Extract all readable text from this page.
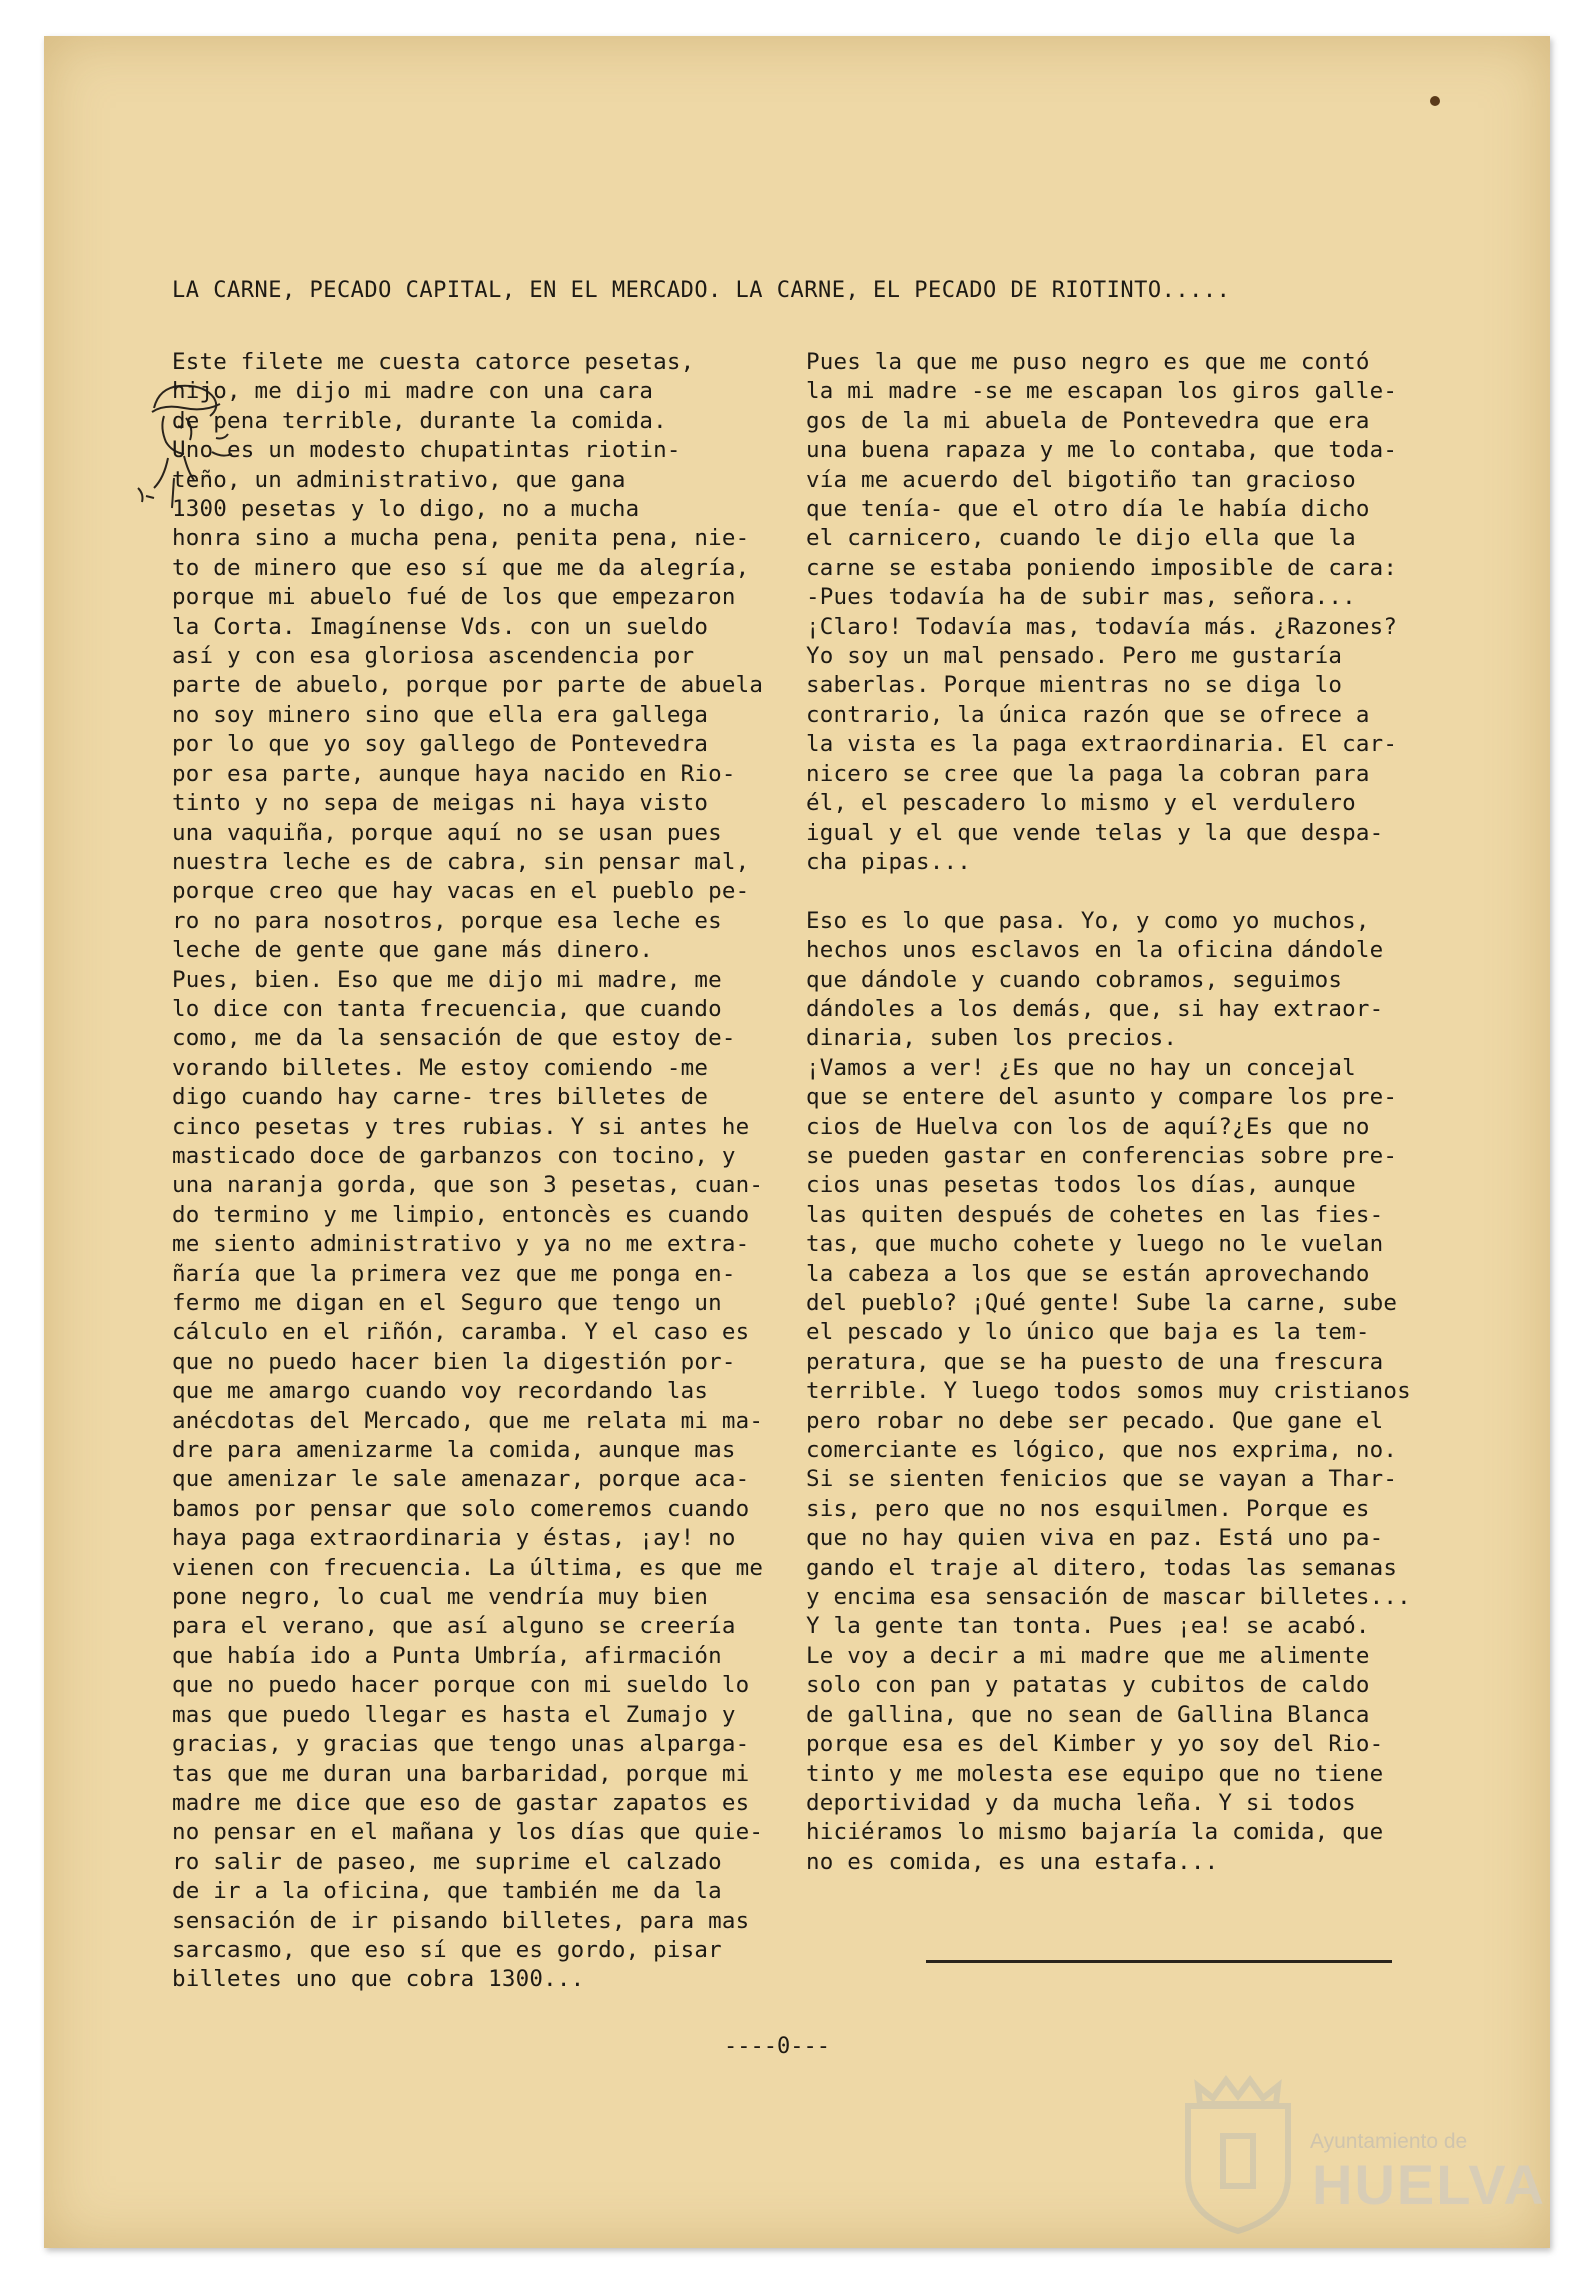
LA CARNE, PECADO CAPITAL, EN EL MERCADO. LA CARNE, EL PECADO DE RIOTINTO.....
Este filete me cuesta catorce pesetas,
hijo, me dijo mi madre con una cara
de pena terrible, durante la comida.
Uno es un modesto chupatintas riotin-
teño, un administrativo, que gana
1300 pesetas y lo digo, no a mucha
honra sino a mucha pena, penita pena, nie-
to de minero que eso sí que me da alegría,
porque mi abuelo fué de los que empezaron
la Corta. Imagínense Vds. con un sueldo
así y con esa gloriosa ascendencia por
parte de abuelo, porque por parte de abuela
no soy minero sino que ella era gallega
por lo que yo soy gallego de Pontevedra
por esa parte, aunque haya nacido en Rio-
tinto y no sepa de meigas ni haya visto
una vaquiña, porque aquí no se usan pues
nuestra leche es de cabra, sin pensar mal,
porque creo que hay vacas en el pueblo pe-
ro no para nosotros, porque esa leche es
leche de gente que gane más dinero.
Pues, bien. Eso que me dijo mi madre, me
lo dice con tanta frecuencia, que cuando
como, me da la sensación de que estoy de-
vorando billetes. Me estoy comiendo -me
digo cuando hay carne- tres billetes de
cinco pesetas y tres rubias. Y si antes he
masticado doce de garbanzos con tocino, y
una naranja gorda, que son 3 pesetas, cuan-
do termino y me limpio, entoncès es cuando
me siento administrativo y ya no me extra-
ñaría que la primera vez que me ponga en-
fermo me digan en el Seguro que tengo un
cálculo en el riñón, caramba. Y el caso es
que no puedo hacer bien la digestión por-
que me amargo cuando voy recordando las
anécdotas del Mercado, que me relata mi ma-
dre para amenizarme la comida, aunque mas
que amenizar le sale amenazar, porque aca-
bamos por pensar que solo comeremos cuando
haya paga extraordinaria y éstas, ¡ay! no
vienen con frecuencia. La última, es que me
pone negro, lo cual me vendría muy bien
para el verano, que así alguno se creería
que había ido a Punta Umbría, afirmación
que no puedo hacer porque con mi sueldo lo
mas que puedo llegar es hasta el Zumajo y
gracias, y gracias que tengo unas alparga-
tas que me duran una barbaridad, porque mi
madre me dice que eso de gastar zapatos es
no pensar en el mañana y los días que quie-
ro salir de paseo, me suprime el calzado
de ir a la oficina, que también me da la
sensación de ir pisando billetes, para mas
sarcasmo, que eso sí que es gordo, pisar
billetes uno que cobra 1300...
Pues la que me puso negro es que me contó
la mi madre -se me escapan los giros galle-
gos de la mi abuela de Pontevedra que era
una buena rapaza y me lo contaba, que toda-
vía me acuerdo del bigotiño tan gracioso
que tenía- que el otro día le había dicho
el carnicero, cuando le dijo ella que la
carne se estaba poniendo imposible de cara:
-Pues todavía ha de subir mas, señora...
¡Claro! Todavía mas, todavía más. ¿Razones?
Yo soy un mal pensado. Pero me gustaría
saberlas. Porque mientras no se diga lo
contrario, la única razón que se ofrece a
la vista es la paga extraordinaria. El car-
nicero se cree que la paga la cobran para
él, el pescadero lo mismo y el verdulero
igual y el que vende telas y la que despa-
cha pipas...

Eso es lo que pasa. Yo, y como yo muchos,
hechos unos esclavos en la oficina dándole
que dándole y cuando cobramos, seguimos
dándoles a los demás, que, si hay extraor-
dinaria, suben los precios.
¡Vamos a ver! ¿Es que no hay un concejal
que se entere del asunto y compare los pre-
cios de Huelva con los de aquí?¿Es que no
se pueden gastar en conferencias sobre pre-
cios unas pesetas todos los días, aunque
las quiten después de cohetes en las fies-
tas, que mucho cohete y luego no le vuelan
la cabeza a los que se están aprovechando
del pueblo? ¡Qué gente! Sube la carne, sube
el pescado y lo único que baja es la tem-
peratura, que se ha puesto de una frescura
terrible. Y luego todos somos muy cristianos
pero robar no debe ser pecado. Que gane el
comerciante es lógico, que nos exprima, no.
Si se sienten fenicios que se vayan a Thar-
sis, pero que no nos esquilmen. Porque es
que no hay quien viva en paz. Está uno pa-
gando el traje al ditero, todas las semanas
y encima esa sensación de mascar billetes...
Y la gente tan tonta. Pues ¡ea! se acabó.
Le voy a decir a mi madre que me alimente
solo con pan y patatas y cubitos de caldo
de gallina, que no sean de Gallina Blanca
porque esa es del Kimber y yo soy del Rio-
tinto y me molesta ese equipo que no tiene
deportividad y da mucha leña. Y si todos
hiciéramos lo mismo bajaría la comida, que
no es comida, es una estafa...
----0---
Ayuntamiento de
HUELVA
